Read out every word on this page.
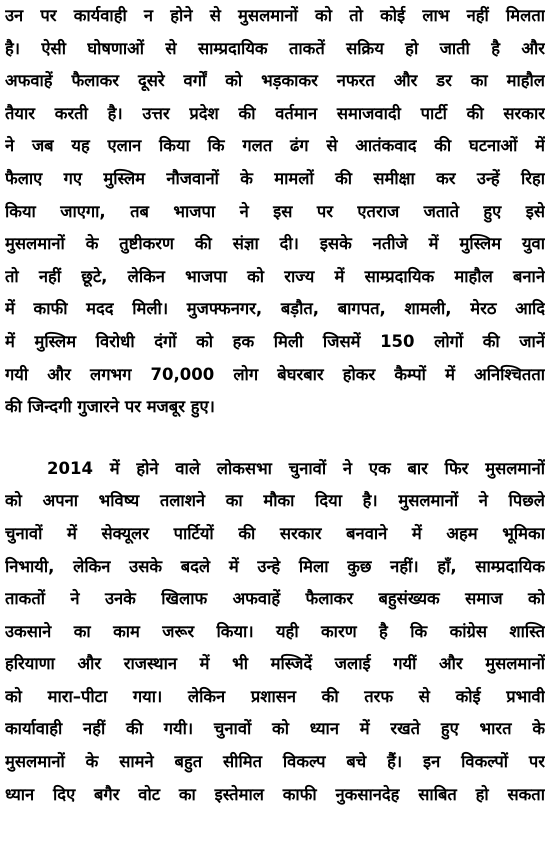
उन पर कार्यवाही न होने से मुसलमानों को तो कोई लाभ नहीं मिलता
है। ऐसी घोषणाओं से साम्प्रदायिक ताकतें सक्रिय हो जाती है और
अफवाहें फैलाकर दूसरे वर्गों को भड़काकर नफरत और डर का माहौल
तैयार करती है। उत्तर प्रदेश की वर्तमान समाजवादी पार्टी की सरकार
ने जब यह एलान किया कि गलत ढंग से आतंकवाद की घटनाओं में
फैलाए गए मुस्लिम नौजवानों के मामलों की समीक्षा कर उन्हें रिहा
किया जाएगा, तब भाजपा ने इस पर एतराज जताते हुए इसे
मुसलमानों के तुष्टीकरण की संज्ञा दी। इसके नतीजे में मुस्लिम युवा
तो नहीं छूटे, लेकिन भाजपा को राज्य में साम्प्रदायिक माहौल बनाने
में काफी मदद मिली। मुजफ्फनगर, बड़ौत, बागपत, शामली, मेरठ आदि
में मुस्लिम विरोधी दंगों को हक मिली जिसमें 150 लोगों की जानें
गयी और लगभग 70,000 लोग बेघरबार होकर कैम्पों में अनिश्चितता
की जिन्दगी गुजारने पर मजबूर हुए।

2014 में होने वाले लोकसभा चुनावों ने एक बार फिर मुसलमानों
को अपना भविष्य तलाशने का मौका दिया है। मुसलमानों ने पिछले
चुनावों में सेक्यूलर पार्टियों की सरकार बनवाने में अहम भूमिका
निभायी, लेकिन उसके बदले में उन्हे मिला कुछ नहीं। हाँ, साम्प्रदायिक
ताकतों ने उनके खिलाफ अफवाहें फैलाकर बहुसंख्यक समाज को
उकसाने का काम जरूर किया। यही कारण है कि कांग्रेस शास्ति
हरियाणा और राजस्थान में भी मस्जिदें जलाई गयीं और मुसलमानों
को मारा–पीटा गया। लेकिन प्रशासन की तरफ से कोई प्रभावी
कार्यावाही नहीं की गयी। चुनावों को ध्यान में रखते हुए भारत के
मुसलमानों के सामने बहुत सीमित विकल्प बचे हैं। इन विकल्पों पर
ध्यान दिए बगैर वोट का इस्तेमाल काफी नुकसानदेह साबित हो सकता
